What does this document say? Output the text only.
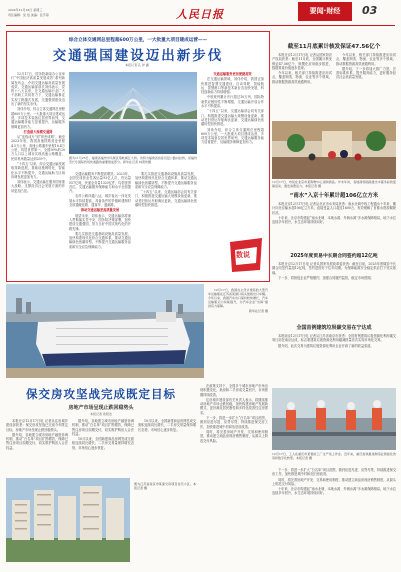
2024年12月18日 星期三
责任编辑：吴 焰 美编：张芳曼	人民日报	要闻·财经	03
综合立体交通网总里程超600万公里，一大批重大项目建成运营——
交通强国建设迈出新步伐
本报记者 孔 祥 鑫

12月17日，国务院新闻办公室举行“中国经济高质量发展成效”系列新闻发布会，介绍交通运输高质量发展成效。交通运输部部长刘伟表示，党的十八大以来，在交通运输行业广大干部职工共同努力下，交通运输事业实现了跨越式发展，交通强国建设迈出了新的坚实步伐。

刘伟介绍，综合立体交通网总里程超600万公里，一大批重大项目建成运营，多项技术装备位居世界前列，交通运输服务能力显著提升，运输服务保障更加有力。

打造最大规模交通网

从“连线成片”到“织密成网”，截至2023年底，我国高速铁路营业里程4.5万公里，高速公路通车里程18.4万公里，均居世界第一。全国99%的20万人口以上城市实现高速公路覆盖，民用机场数量达到259个。

“十四五”以来，综合交通运输发展取得新进展，基础设施网络化、智能化水平不断提升，交通运输助力区域协调发展更加有力。

刘伟表示，交通运输在服务国家重大战略、支撑经济社会发展方面的作用更加凸显。

图为11月25日，福建省福州市马尾区琅岐闽江大桥。该桥为福建省首座双层公路斜拉桥，是福州至长乐国际机场快速路的重要组成部分。新华社记者 林善传摄

交通运输服务不断提质增效。2023年，全国完成营业性客运量93亿人次，货运量557亿吨，快递业务量1320亿件，均居世界首位。交通运输服务保障能力和水平全面提升。

农村公路四通八达，城乡客运一体化发展水平持续提高，具备条件的乡镇和建制村全部通硬化路、通客车、通邮路。

推动交通运输更高质量发展

展望未来，刘伟表示，交通运输部将深入贯彻落实党中央、国务院决策部署，加快建设交通强国，努力当好中国式现代化的开路先锋。

要扎实推进交通基础设施高质量发展，加快构建现代化综合交通体系，推动交通运输绿色低碳转型，不断提升交通运输服务品质和安全应急保障能力。

要扎实推进交通基础设施高质量发展，加快构建现代化综合交通体系，推动交通运输绿色低碳转型，不断提升交通运输服务品质和安全应急保障能力。

“十四五”以来，交通运输部会同有关部门，积极推进交通运输大规模设备更新，推动老旧营运车船淘汰更新，交通运输绿色低碳转型加快推进。

交通运输服务更加便捷高效

在交通运输领域，刘伟介绍，我国正加快推进智慧交通建设，自动驾驶、智能航运、智慧港口等新技术新业态加快发展，科技创新能力持续增强。

中欧班列累计开行超过10万列，国际物流供应链韧性不断增强，交通运输开放合作水平不断提高。

“十四五”以来，交通运输部会同有关部门，积极推进交通运输大规模设备更新，推动老旧营运车船淘汰更新，交通运输绿色低碳转型加快推进。

刘伟介绍，综合立体交通网总里程超600万公里，一大批重大项目建成运营，多项技术装备位居世界前列，交通运输服务能力显著提升，运输服务保障更加有力。

数说
截至11月底累计核发保证47.56亿个

本报北京12月17日电 记者从国家知识产权局获悉：截至11月底，全国累计核发保证47.56亿个，规模化应用稳步推进，数据要素价值逐步显现。

今年以来，相关部门持续推进应用试点，覆盖制造、物流、农业等多个领域，推动数据资源高效流通利用。

今年以来，相关部门持续推进应用试点，覆盖制造、物流、农业等多个领域，推动数据资源高效流通利用。

据介绍，下一步将加大推广力度，完善标准体系，提升服务能力，更好服务经济社会高质量发展。

12月17日，市民在北京市某购物中心选购商品。岁末年初，各地商场陆续推出丰富多彩的促销活动，激发消费活力。本报记者 摄
“南水”入京十年累计超106亿立方米

本报北京12月17日电 记者从北京市水务局获悉：南水北调中线工程通水十年来，累计向北京输水超106亿立方米，直接受益人口超过1600万，有效缓解了首都水资源紧缺状况。

十年来，北京市构建起“南水北调、本地水源、外调水源”多水源保障格局，地下水位连续多年回升，水生态环境持续向好。

2025年度贸易中长期合同签约超12亿吨

本报北京12月17日电 记者从国家发展改革委获悉：截至目前，2025年度煤炭中长期合同签约量超12亿吨，签约进度好于往年同期，为保障能源安全稳定供应打下坚实基础。

下一步，将督促企业严格履约，加强合同履约监管，稳定市场预期。

全国首例建筑垃圾碳交易在宁达成

本报南京12月17日电 记者从江苏省南京市获悉：全国首例建筑垃圾资源化利用碳交易日前在南京达成，标志着建筑垃圾资源化利用碳减排量首次实现市场化交易。

据介绍，此次交易为建筑垃圾资源化利用企业开辟了新的收益渠道。

12月17日，我国自主设计建造的大型汽车运输船在江苏省某港口码头装载出口车辆。今年以来，我国汽车出口保持较快增长，汽车运输船运力持续提升，为汽车企业“出海”提供有力保障。

新华社记者 摄

保交房攻坚战完成既定目标
房地产市场呈现止跌回稳势头
本报记者 欧阳洁

本报北京12月17日电 记者从住房城乡建设部获悉：保交房攻坚战已完成今年既定目标，房地产市场呈现止跌回稳势头。

据介绍，各地建立城市房地产融资协调机制，推动“白名单”项目扩围增效，保障已售住房项目如期交付，切实维护购房人合法权益。

据介绍，各地建立城市房地产融资协调机制，推动“白名单”项目扩围增效，保障已售住房项目如期交付，切实维护购房人合法权益。

10月以来，全国新建商品房网签成交面积连续同比增长，二手房交易量保持增长态势，市场信心逐步恢复。

10月以来，全国新建商品房网签成交面积连续同比增长，二手房交易量保持增长态势，市场信心逐步恢复。

图为江苏省南京市某保交房项目住宅小区。本报记者 摄

在政策支持下，全国多个城市房地产市场出现积极变化，新房和二手房成交量回升，市场预期持续改善。

住房城乡建设部有关负责人表示，将继续推动房地产市场止跌回稳，加快构建房地产发展新模式，更好满足居民刚性和多样化改善性住房需求。

下一步，将进一步扩大“白名单”项目范围，做到应进尽进、应贷尽贷，持续推进保交房工作，加快推进城中村和危旧房改造。

同时，将完善房地产开发、交易和使用制度，推动建立商品房现房销售制度，从源头上防范交付风险。

12月17日，工人在重庆市某智能工厂生产线上作业。近年来，重庆加快推进制造业智能化改造和数字化转型。本报记者 摄

下一步，将进一步扩大“白名单”项目范围，做到应进尽进、应贷尽贷，持续推进保交房工作，加快推进城中村和危旧房改造。

同时，将完善房地产开发、交易和使用制度，推动建立商品房现房销售制度，从源头上防范交付风险。

十年来，北京市构建起“南水北调、本地水源、外调水源”多水源保障格局，地下水位连续多年回升，水生态环境持续向好。
